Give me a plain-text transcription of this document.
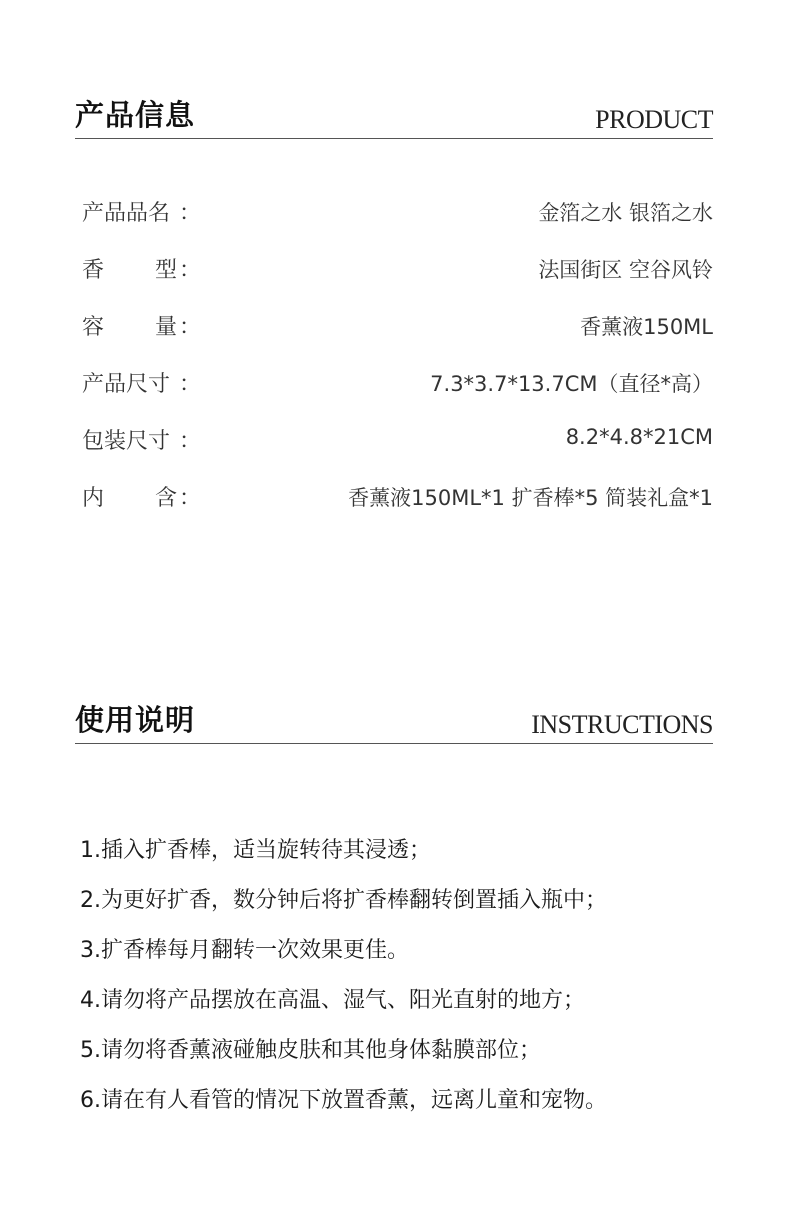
产品信息	PRODUCT
产品品名 ：	金箔之水 银箔之水
香 型 ：	法国街区 空谷风铃
容 量 ：	香薰液150ML
产品尺寸 ：	7.3*3.7*13.7CM（直径*高）
包装尺寸 ：	8.2*4.8*21CM
内 含 ：	香薰液150ML*1 扩香棒*5 简装礼盒*1
使用说明	INSTRUCTIONS
1.插入扩香棒，适当旋转待其浸透；
2.为更好扩香，数分钟后将扩香棒翻转倒置插入瓶中；
3.扩香棒每月翻转一次效果更佳。
4.请勿将产品摆放在高温、湿气、阳光直射的地方；
5.请勿将香薰液碰触皮肤和其他身体黏膜部位；
6.请在有人看管的情况下放置香薰，远离儿童和宠物。
